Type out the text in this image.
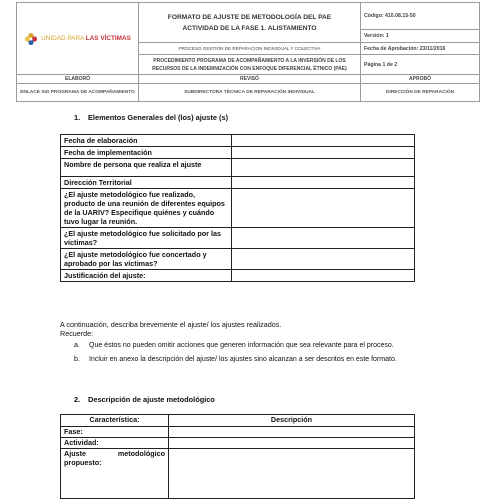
UNIDAD PARA LAS VÍCTIMAS	FORMATO DE AJUSTE DE METODOLOGÍA DEL PAE
ACTIVIDAD DE LA FASE 1. ALISTAMIENTO	Código: 410.08.15-50
		Versión: 1
	PROCESO GESTION DE REPARACION INDIVIDUAL Y COLECTIVA	Fecha de Aprobación: 23/11/2016
	PROCEDIMIENTO PROGRAMA DE ACOMPAÑAMIENTO A LA INVERSIÓN DE LOS RECURSOS DE LA INDEMNIZACIÓN CON ENFOQUE DIFERENCIAL ÉTNICO (PAE)	Página 1 de 2
ELABORÓ	REVISÓ	APROBÓ
ENLACE SIG PROGRAMA DE ACOMPAÑAMIENTO	SUBDIRECTORA TÉCNICA DE REPARACIÓN INDIVIDUAL	DIRECCIÓN DE REPARACIÓN
1. Elementos Generales del (los) ajuste (s)
Fecha de elaboración	
Fecha de implementación	
Nombre de persona que realiza el ajuste	
Dirección Territorial	
¿El ajuste metodológico fue realizado, producto de una reunión de diferentes equipos de la UARIV? Especifique quiénes y cuándo tuvo lugar la reunión.	
¿El ajuste metodológico fue solicitado por las víctimas?	
¿El ajuste metodológico fue concertado y aprobado por las víctimas?	
Justificación del ajuste:	
A continuación, describa brevemente el ajuste/ los ajustes realizados.
Recuerde:
a.	Que éstos no pueden omitir acciones que generen información que sea relevante para el proceso.
b.	Incluir en anexo la descripción del ajuste/ los ajustes sino alcanzan a ser descritos en este formato.
2. Descripción de ajuste metodológico
Característica:	Descripción
Fase:	
Actividad:	

Ajuste metodológico
propuesto:	
